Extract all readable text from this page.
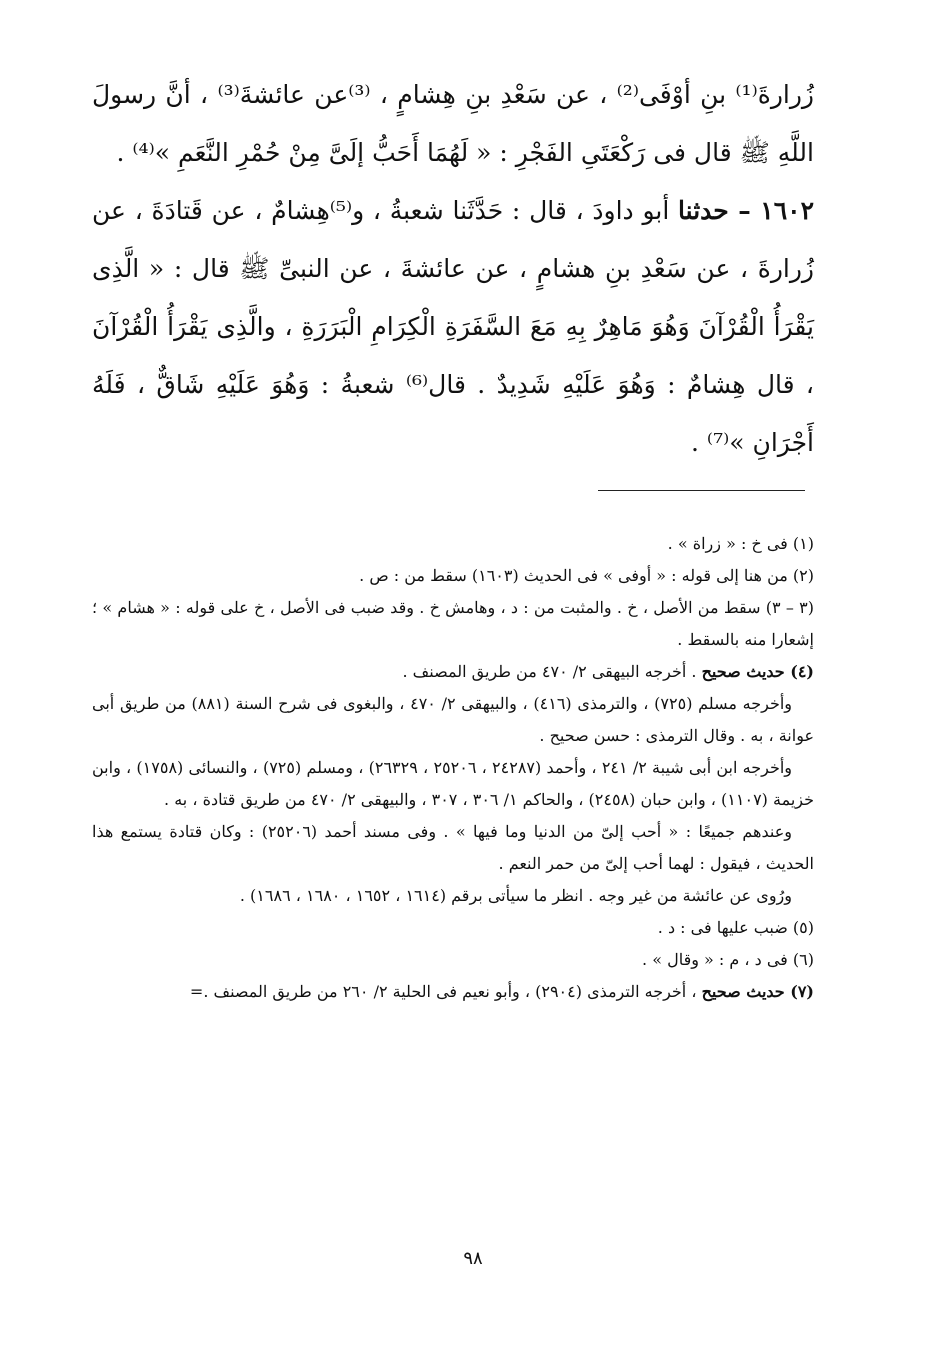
زُرارةَ⁽¹⁾ بنِ أوْفَى⁽²⁾ ، عن سَعْدِ بنِ هِشامٍ ، ⁽³⁾عن عائشةَ⁽³⁾ ، أنَّ رسولَ اللَّهِ ﷺ قال فى رَكْعَتَىِ الفَجْرِ : « لَهُمَا أَحَبُّ إلَىَّ مِنْ حُمْرِ النَّعَمِ »⁽⁴⁾ .

١٦٠٢ – حدثنا أبو داودَ ، قال : حَدَّثَنا شعبةُ ، و⁽⁵⁾هِشامٌ ، عن قَتادَةَ ، عن زُرارةَ ، عن سَعْدِ بنِ هشامٍ ، عن عائشةَ ، عن النبىِّ ﷺ قال : « الَّذِى يَقْرَأُ الْقُرْآنَ وَهُوَ مَاهِرٌ بِهِ مَعَ السَّفَرَةِ الْكِرَامِ الْبَرَرَةِ ، والَّذِى يَقْرَأُ الْقُرْآنَ ، قال هِشامٌ : وَهُوَ عَلَيْهِ شَدِيدٌ . قال⁽⁶⁾ شعبةُ : وَهُوَ عَلَيْهِ شَاقٌّ ، فَلَهُ أَجْرَانِ »⁽⁷⁾ .

(١) فى خ : « زراة » .

(٢) من هنا إلى قوله : « أوفى » فى الحديث (١٦٠٣) سقط من : ص .

(٣ – ٣) سقط من الأصل ، خ . والمثبت من : د ، وهامش خ . وقد ضبب فى الأصل ، خ على قوله : « هشام » ؛ إشعارا منه بالسقط .

(٤) حديث صحيح . أخرجه البيهقى ٢/ ٤٧٠ من طريق المصنف .

وأخرجه مسلم (٧٢٥) ، والترمذى (٤١٦) ، والبيهقى ٢/ ٤٧٠ ، والبغوى فى شرح السنة (٨٨١) من طريق أبى عوانة ، به . وقال الترمذى : حسن صحيح .

وأخرجه ابن أبى شيبة ٢/ ٢٤١ ، وأحمد (٢٤٢٨٧ ، ٢٥٢٠٦ ، ٢٦٣٢٩) ، ومسلم (٧٢٥) ، والنسائى (١٧٥٨) ، وابن خزيمة (١١٠٧) ، وابن حبان (٢٤٥٨) ، والحاكم ١/ ٣٠٦ ، ٣٠٧ ، والبيهقى ٢/ ٤٧٠ من طريق قتادة ، به .

وعندهم جميعًا : « أحب إلىّ من الدنيا وما فيها » . وفى مسند أحمد (٢٥٢٠٦) : وكان قتادة يستمع هذا الحديث ، فيقول : لهما أحب إلىّ من حمر النعم .

ورُوى عن عائشة من غير وجه . انظر ما سيأتى برقم (١٦١٤ ، ١٦٥٢ ، ١٦٨٠ ، ١٦٨٦) .

(٥) ضبب عليها فى : د .

(٦) فى د ، م : « وقال » .

(٧) حديث صحيح ، أخرجه الترمذى (٢٩٠٤) ، وأبو نعيم فى الحلية ٢/ ٢٦٠ من طريق المصنف .=

٩٨
